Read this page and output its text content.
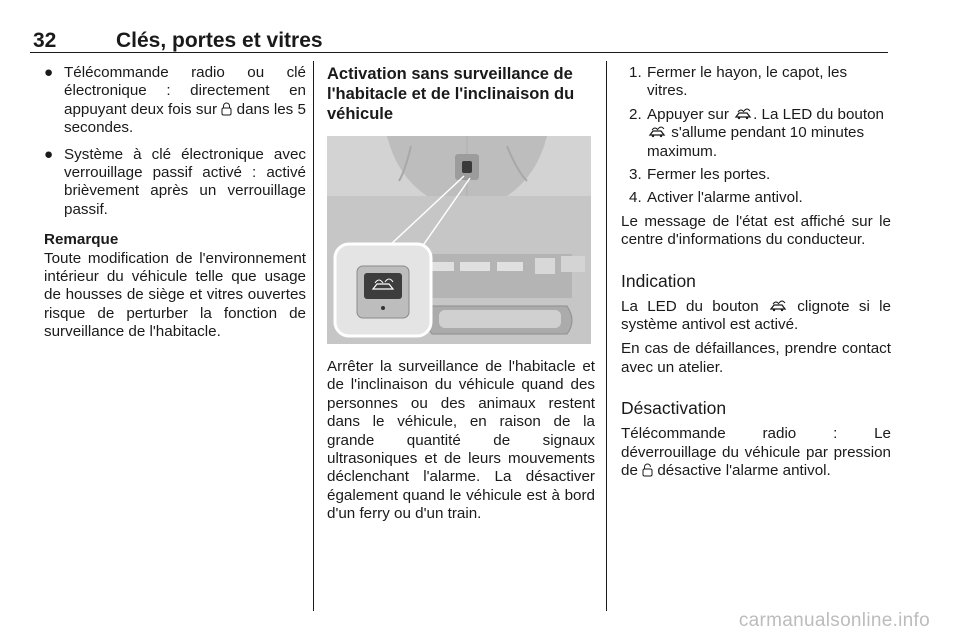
32	Clés, portes et vitres
● Télécommande radio ou clé électronique : directement en appuyant deux fois sur  dans les 5 secondes.
● Système à clé électronique avec verrouillage passif activé : activé brièvement après un verrouillage passif.
Remarque
Toute modification de l'environnement intérieur du véhicule telle que usage de housses de siège et vitres ouvertes risque de perturber la fonction de surveillance de l'habitacle.
Activation sans surveillance de l'habitacle et de l'inclinaison du véhicule
Arrêter la surveillance de l'habitacle et de l'inclinaison du véhicule quand des personnes ou des animaux restent dans le véhicule, en raison de la grande quantité de signaux ultrasoniques et de leurs mouvements déclenchant l'alarme. La désactiver également quand le véhicule est à bord d'un ferry ou d'un train.
1. Fermer le hayon, le capot, les vitres.
2. Appuyer sur . La LED du bouton  s'allume pendant 10 minutes maximum.
3. Fermer les portes.
4. Activer l'alarme antivol.
Le message de l'état est affiché sur le centre d'informations du conducteur.
Indication
La LED du bouton  clignote si le système antivol est activé.
En cas de défaillances, prendre contact avec un atelier.
Désactivation
Télécommande radio : Le déverrouillage du véhicule par pression de  désactive l'alarme antivol.
carmanualsonline.info
